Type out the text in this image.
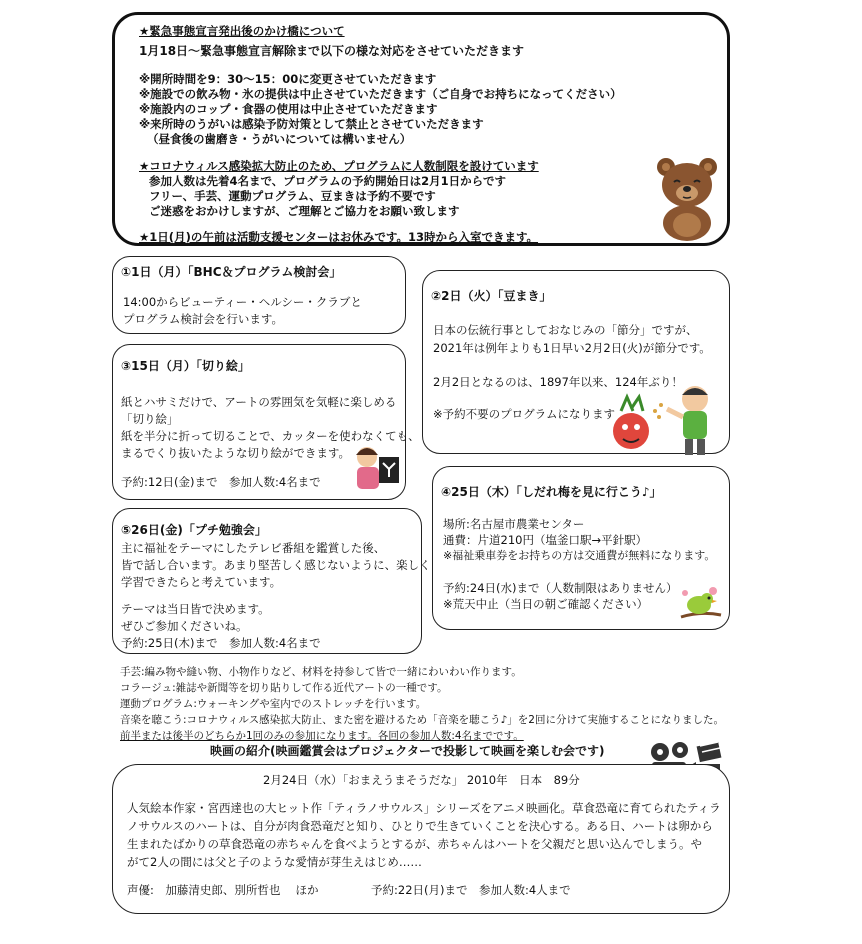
★緊急事態宣言発出後のかけ橋について
1月18日～緊急事態宣言解除まで以下の様な対応をさせていただきます
※開所時間を9：30～15：00に変更させていただきます
※施設での飲み物・氷の提供は中止させていただきます（ご自身でお持ちになってください）
※施設内のコップ・食器の使用は中止させていただきます
※来所時のうがいは感染予防対策として禁止とさせていただきます
（昼食後の歯磨き・うがいについては構いません）
★コロナウィルス感染拡大防止のため、プログラムに人数制限を設けています
参加人数は先着4名まで、プログラムの予約開始日は2月1日からです
フリー、手芸、運動プログラム、豆まきは予約不要です
ご迷惑をおかけしますが、ご理解とご協力をお願い致します
★1日(月)の午前は活動支援センターはお休みです。13時から入室できます。
①1日（月）「BHC＆プログラム検討会」
14:00からビューティー・ヘルシー・クラブと
プログラム検討会を行います。
②2日（火）「豆まき」
日本の伝統行事としておなじみの「節分」ですが、
2021年は例年よりも1日早い2月2日(火)が節分です。
2月2日となるのは、1897年以来、124年ぶり！
※予約不要のプログラムになります
③15日（月）「切り絵」
紙とハサミだけで、アートの雰囲気を気軽に楽しめる
「切り絵」
紙を半分に折って切ることで、カッターを使わなくても、
まるでくり抜いたような切り絵ができます。
予約:12日(金)まで　参加人数:4名まで
④25日（木）「しだれ梅を見に行こう♪」
場所:名古屋市農業センター
通費：片道210円（塩釜口駅→平針駅）
※福祉乗車券をお持ちの方は交通費が無料になります。
予約:24日(水)まで（人数制限はありません）
※荒天中止（当日の朝ご確認ください）
⑤26日(金)「プチ勉強会」
主に福祉をテーマにしたテレビ番組を鑑賞した後、
皆で話し合います。あまり堅苦しく感じないように、楽しく
学習できたらと考えています。
テーマは当日皆で決めます。
ぜひご参加くださいね。
予約:25日(木)まで　参加人数:4名まで
手芸:編み物や縫い物、小物作りなど、材料を持参して皆で一緒にわいわい作ります。
コラージュ:雑誌や新聞等を切り貼りして作る近代アートの一種です。
運動プログラム:ウォーキングや室内でのストレッチを行います。
音楽を聴こう:コロナウィルス感染拡大防止、また密を避けるため「音楽を聴こう♪」を2回に分けて実施することになりました。
前半または後半のどちらか1回のみの参加になります。各回の参加人数:4名までです。
映画の紹介(映画鑑賞会はプロジェクターで投影して映画を楽しむ会です)
2月24日（水）「おまえうまそうだな」 2010年　日本　89分
人気絵本作家・宮西達也の大ヒット作「ティラノサウルス」シリーズをアニメ映画化。草食恐竜に育てられたティラ
ノサウルスのハートは、自分が肉食恐竜だと知り、ひとりで生きていくことを決心する。ある日、ハートは卵から
生まれたばかりの草食恐竜の赤ちゃんを食べようとするが、赤ちゃんはハートを父親だと思い込んでしまう。や
がて2人の間には父と子のような愛情が芽生えはじめ……
声優:　加藤清史郎、別所哲也　 ほか	予約:22日(月)まで　参加人数:4人まで
